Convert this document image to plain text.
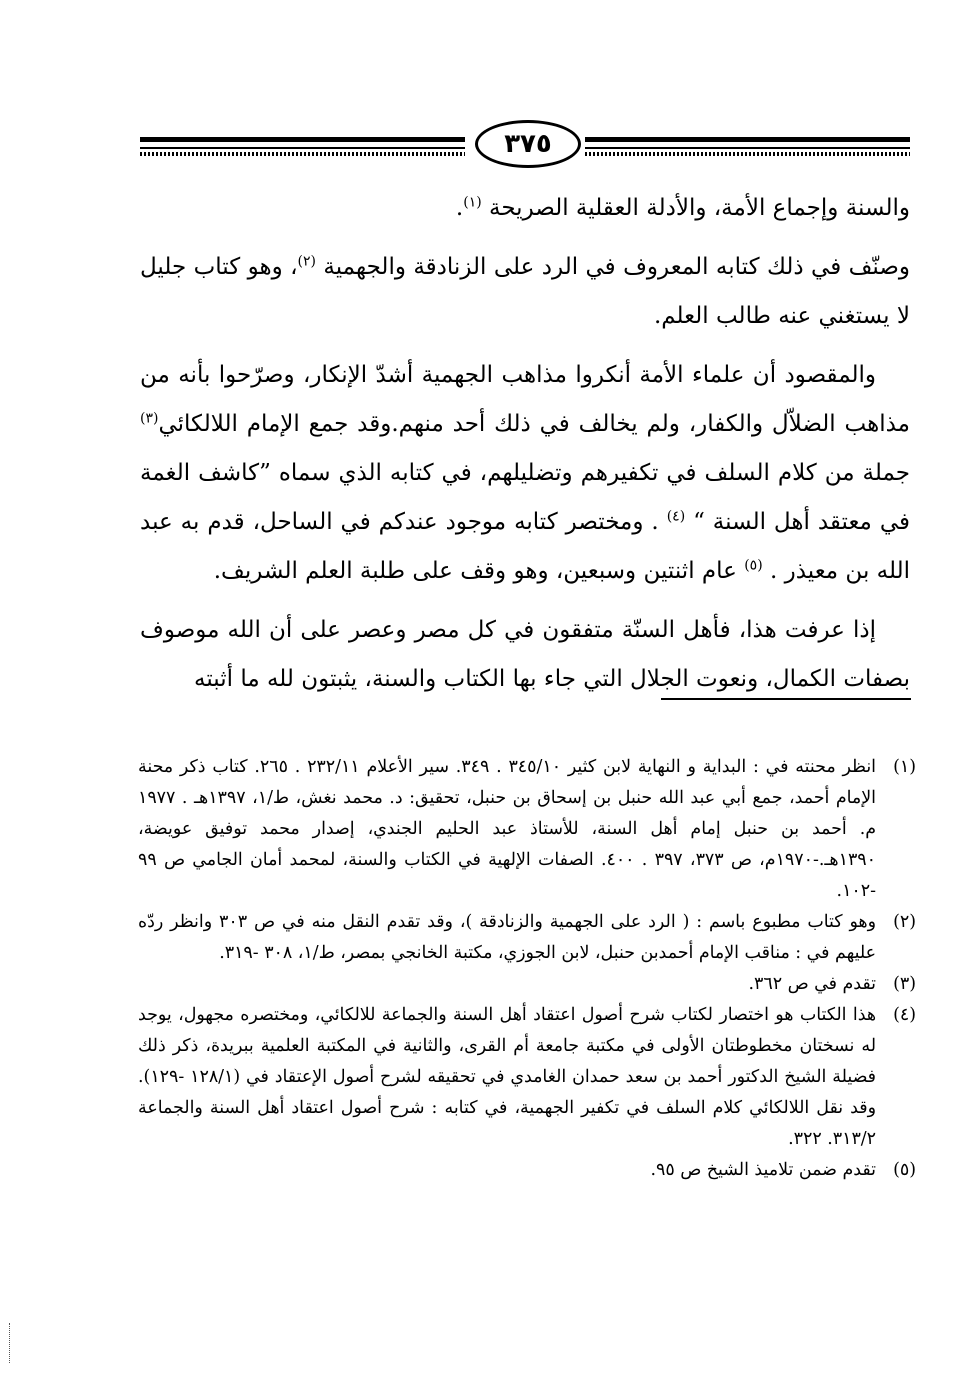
٣٧٥

والسنة وإجماع الأمة، والأدلة العقلية الصريحة $^{(١)}$.

وصنّف في ذلك كتابه المعروف في الرد على الزنادقة والجهمية $^{(٢)}$، وهو كتاب جليل لا يستغني عنه طالب العلم.

والمقصود أن علماء الأمة أنكروا مذاهب الجهمية أشدّ الإنكار، وصرّحوا بأنه من مذاهب الضلاّل والكفار، ولم يخالف في ذلك أحد منهم.وقد جمع الإمام اللالكائي$^{(٣)}$ جملة من كلام السلف في تكفيرهم وتضليلهم، في كتابه الذي سماه ”كاشف الغمة في معتقد أهل السنة “ $^{(٤)}$ . ومختصر كتابه موجود عندكم في الساحل، قدم به عبد الله بن معيذر . $^{(٥)}$ عام اثنتين وسبعين، وهو وقف على طلبة العلم الشريف.

إذا عرفت هذا، فأهل السنّة متفقون في كل مصر وعصر على أن الله موصوف بصفات الكمال، ونعوت الجلال التي جاء بها الكتاب والسنة، يثبتون لله ما أثبته

(١)
انظر محنته في : البداية و النهاية لابن كثير ٣٤٥/١٠ . ٣٤٩. سير الأعلام ٢٣٢/١١ . ٢٦٥. كتاب ذكر محنة الإمام أحمد، جمع أبي عبد الله حنبل بن إسحاق بن حنبل، تحقيق: د. محمد نغش، ط/١، ١٣٩٧هـ . ١٩٧٧ م. أحمد بن حنبل إمام أهل السنة، للأستاذ عبد الحليم الجندي، إصدار محمد توفيق عويضة، ١٣٩٠هـ.-١٩٧٠م، ص ٣٧٣، ٣٩٧ . ٤٠٠. الصفات الإلهية في الكتاب والسنة، لمحمد أمان الجامي ص ٩٩ -١٠٢.
(٢)
وهو كتاب مطبوع باسم : ( الرد على الجهمية والزنادقة )، وقد تقدم النقل منه في ص ٣٠٣ وانظر ردّه عليهم في : مناقب الإمام أحمدبن حنبل، لابن الجوزي، مكتبة الخانجي بمصر، ط/١، ٣٠٨ -٣١٩.
(٣)
تقدم في ص ٣٦٢.
(٤)
هذا الكتاب هو اختصار لكتاب شرح أصول اعتقاد أهل السنة والجماعة للالكائي، ومختصره مجهول، يوجد له نسختان مخطوطتان الأولى في مكتبة جامعة أم القرى، والثانية في المكتبة العلمية ببريدة، ذكر ذلك فضيلة الشيخ الدكتور أحمد بن سعد حمدان الغامدي في تحقيقه لشرح أصول الإعتقاد في (١٢٨/١ -١٢٩). وقد نقل اللالكائي كلام السلف في تكفير الجهمية، في كتابه : شرح أصول اعتقاد أهل السنة والجماعة ٣١٣/٢. ٣٢٢.
(٥)
تقدم ضمن تلاميذ الشيخ ص ٩٥.
